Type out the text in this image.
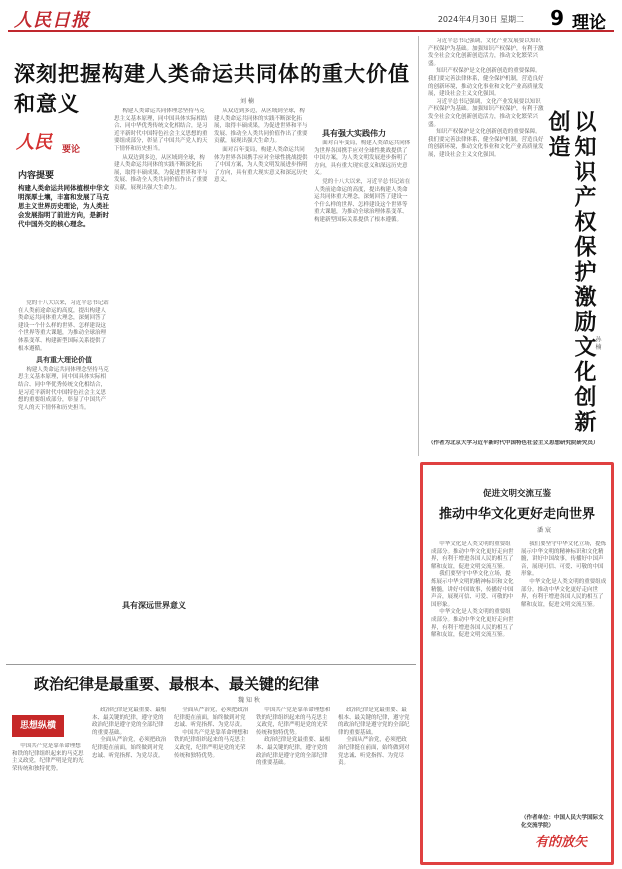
人民日报	2024年4月30日 星期二 9 理论
深刻把握构建人类命运共同体的重大价值和意义	刘 楠
人民 要论
内容提要
构建人类命运共同体植根中华文明深厚土壤，丰富和发展了马克思主义世界历史理论，为人类社会发展指明了前进方向，是新时代中国外交的核心理念。

党的十八大以来，习近平总书记站在人类前途命运的高度，提出构建人类命运共同体重大理念，深刻回答了建设一个什么样的世界、怎样建设这个世界等重大课题，为推动全球治理体系变革、构建新型国际关系提供了根本遵循。

具有重大理论价值

构建人类命运共同体理念坚持马克思主义基本原理，同中国具体实际相结合、同中华优秀传统文化相结合，是习近平新时代中国特色社会主义思想的重要组成部分，彰显了中国共产党人的天下情怀和历史担当。

构建人类命运共同体理念坚持马克思主义基本原理，同中国具体实际相结合、同中华优秀传统文化相结合，是习近平新时代中国特色社会主义思想的重要组成部分，彰显了中国共产党人的天下情怀和历史担当。

从双边到多边，从区域到全球，构建人类命运共同体的实践不断深化拓展，取得丰硕成果，为促进世界和平与发展、推动全人类共同价值作出了重要贡献，展现出强大生命力。

从双边到多边，从区域到全球，构建人类命运共同体的实践不断深化拓展，取得丰硕成果，为促进世界和平与发展、推动全人类共同价值作出了重要贡献，展现出强大生命力。

面对百年变局，构建人类命运共同体为世界各国携手应对全球性挑战提供了中国方案，为人类文明发展进步指明了方向，具有重大现实意义和深远历史意义。

面对百年变局，构建人类命运共同体为世界各国携手应对全球性挑战提供了中国方案，为人类文明发展进步指明了方向，具有重大现实意义和深远历史意义。

党的十八大以来，习近平总书记站在人类前途命运的高度，提出构建人类命运共同体重大理念，深刻回答了建设一个什么样的世界、怎样建设这个世界等重大课题，为推动全球治理体系变革、构建新型国际关系提供了根本遵循。

具有强大实践伟力
具有深远世界意义

习近平总书记强调，文化产业发展要以知识产权保护为基础。加强知识产权保护，有利于激发全社会文化创新创造活力，推动文化繁荣兴盛。

知识产权保护是文化创新创造的重要保障。我们要完善法律体系，健全保护机制，营造良好的创新环境，推动文化事业和文化产业高质量发展，建设社会主义文化强国。

习近平总书记强调，文化产业发展要以知识产权保护为基础。加强知识产权保护，有利于激发全社会文化创新创造活力，推动文化繁荣兴盛。

知识产权保护是文化创新创造的重要保障。我们要完善法律体系，健全保护机制，营造良好的创新环境，推动文化事业和文化产业高质量发展，建设社会主义文化强国。	以知识产权保护激励文化创新创造
孙 楠
（作者为北京大学习近平新时代中国特色社会主义思想研究院研究员）
促进文明交流互鉴
推动中华文化更好走向世界
潘 宸

中华文化是人类文明的重要组成部分。推动中华文化更好走向世界，有利于增进各国人民的相互了解和友谊，促进文明交流互鉴。

我们要坚守中华文化立场，提炼展示中华文明的精神标识和文化精髓，讲好中国故事，传播好中国声音，展现可信、可爱、可敬的中国形象。

中华文化是人类文明的重要组成部分。推动中华文化更好走向世界，有利于增进各国人民的相互了解和友谊，促进文明交流互鉴。

我们要坚守中华文化立场，提炼展示中华文明的精神标识和文化精髓，讲好中国故事，传播好中国声音，展现可信、可爱、可敬的中国形象。

中华文化是人类文明的重要组成部分。推动中华文化更好走向世界，有利于增进各国人民的相互了解和友谊，促进文明交流互鉴。

（作者单位：中国人民大学国际文化交流学院）
有的放矢
政治纪律是最重要、最根本、最关键的纪律
魏 知 秋
思想纵横

中国共产党是靠革命理想和铁的纪律组织起来的马克思主义政党，纪律严明是党的光荣传统和独特优势。

政治纪律是党最重要、最根本、最关键的纪律，遵守党的政治纪律是遵守党的全部纪律的重要基础。

全面从严治党，必须把政治纪律挺在前面，始终做到对党忠诚、听党指挥、为党尽责。

全面从严治党，必须把政治纪律挺在前面，始终做到对党忠诚、听党指挥、为党尽责。

中国共产党是靠革命理想和铁的纪律组织起来的马克思主义政党，纪律严明是党的光荣传统和独特优势。

中国共产党是靠革命理想和铁的纪律组织起来的马克思主义政党，纪律严明是党的光荣传统和独特优势。

政治纪律是党最重要、最根本、最关键的纪律，遵守党的政治纪律是遵守党的全部纪律的重要基础。

政治纪律是党最重要、最根本、最关键的纪律，遵守党的政治纪律是遵守党的全部纪律的重要基础。

全面从严治党，必须把政治纪律挺在前面，始终做到对党忠诚、听党指挥、为党尽责。
